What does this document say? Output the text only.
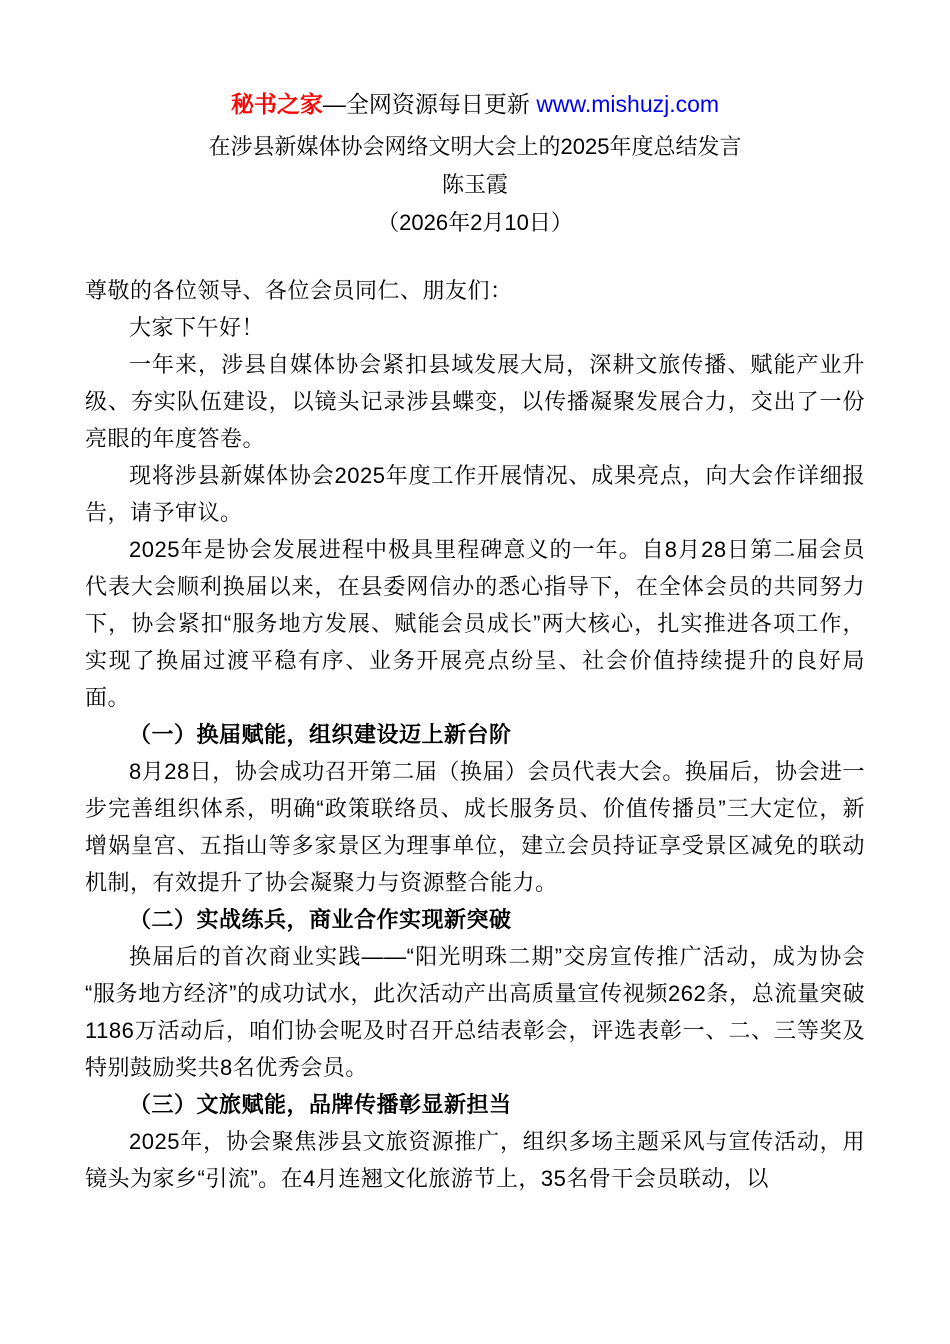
秘书之家—全网资源每日更新 www.mishuzj.com
在涉县新媒体协会网络文明大会上的2025年度总结发言
陈玉霞
（2026年2月10日）

尊敬的各位领导、各位会员同仁、朋友们：

大家下午好！

一年来，涉县自媒体协会紧扣县域发展大局，深耕文旅传播、赋能产业升级、夯实队伍建设，以镜头记录涉县蝶变，以传播凝聚发展合力，交出了一份亮眼的年度答卷。

现将涉县新媒体协会2025年度工作开展情况、成果亮点，向大会作详细报告，请予审议。

2025年是协会发展进程中极具里程碑意义的一年。自8月28日第二届会员代表大会顺利换届以来，在县委网信办的悉心指导下，在全体会员的共同努力下，协会紧扣“服务地方发展、赋能会员成长”两大核心，扎实推进各项工作，实现了换届过渡平稳有序、业务开展亮点纷呈、社会价值持续提升的良好局面。

（一）换届赋能，组织建设迈上新台阶

8月28日，协会成功召开第二届（换届）会员代表大会。换届后，协会进一步完善组织体系，明确“政策联络员、成长服务员、价值传播员”三大定位，新增娲皇宫、五指山等多家景区为理事单位，建立会员持证享受景区减免的联动机制，有效提升了协会凝聚力与资源整合能力。

（二）实战练兵，商业合作实现新突破

换届后的首次商业实践——“阳光明珠二期”交房宣传推广活动，成为协会“服务地方经济”的成功试水，此次活动产出高质量宣传视频262条，总流量突破1186万活动后，咱们协会呢及时召开总结表彰会，评选表彰一、二、三等奖及特别鼓励奖共8名优秀会员。

（三）文旅赋能，品牌传播彰显新担当

2025年，协会聚焦涉县文旅资源推广，组织多场主题采风与宣传活动，用镜头为家乡“引流”。在4月连翘文化旅游节上，35名骨干会员联动，以
